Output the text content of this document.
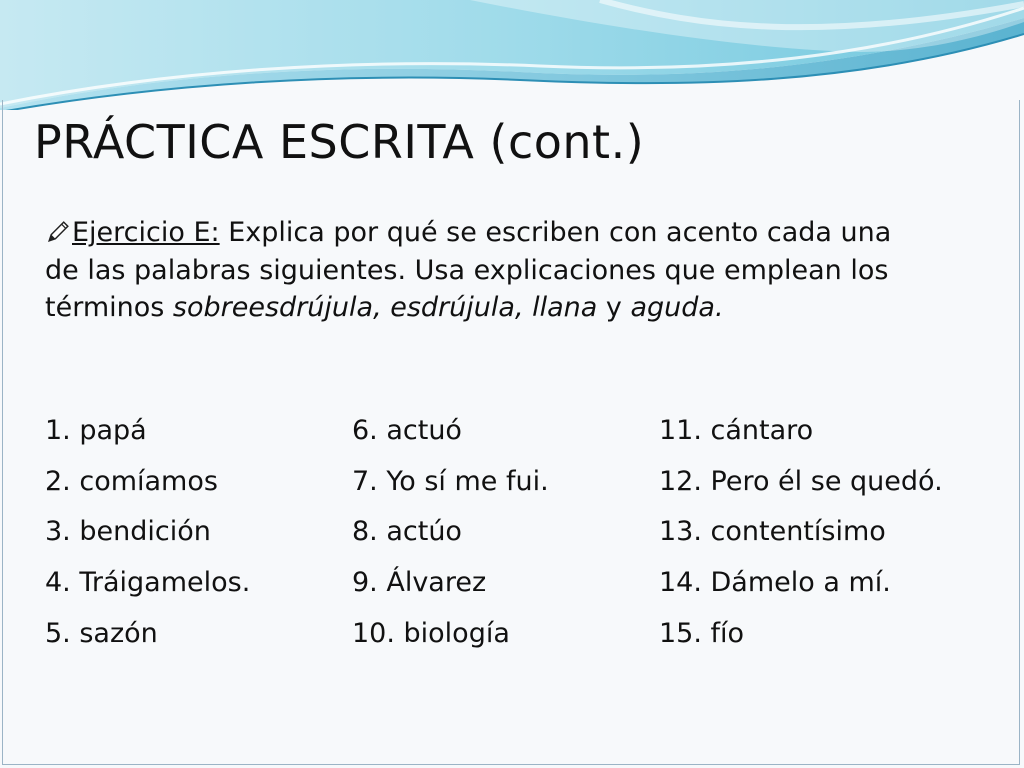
PRÁCTICA ESCRITA (cont.)

Ejercicio E: Explica por qué se escriben con acento cada una de las palabras siguientes. Usa explicaciones que emplean los términos sobreesdrújula, esdrújula, llana y aguda.

1. papá
2. comíamos
3. bendición
4. Tráigamelos.
5. sazón
6. actuó
7. Yo sí me fui.
8. actúo
9. Álvarez
10. biología
11. cántaro
12. Pero él se quedó.
13. contentísimo
14. Dámelo a mí.
15. fío
